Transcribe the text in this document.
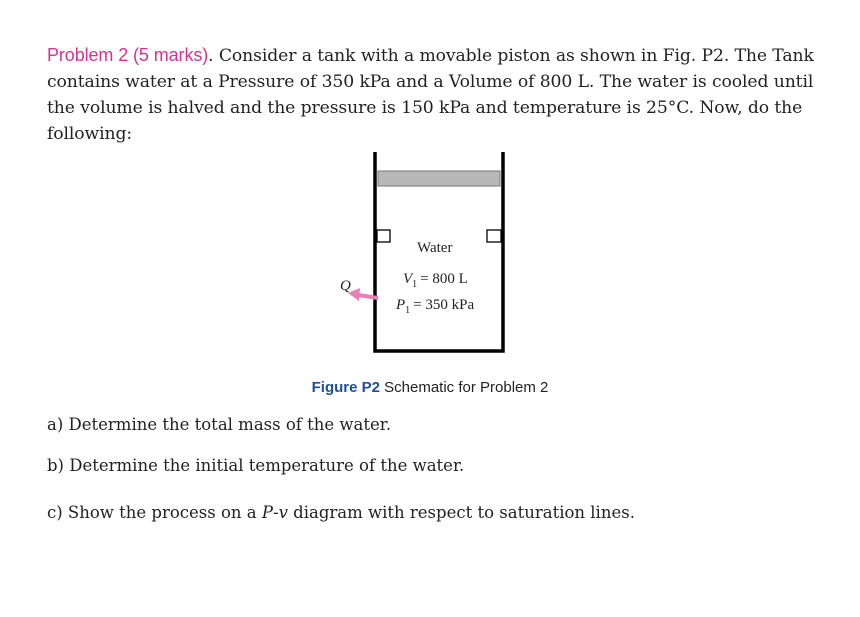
Problem 2 (5 marks). Consider a tank with a movable piston as shown in Fig. P2. The Tank contains water at a Pressure of 350 kPa and a Volume of 800 L. The water is cooled until the volume is halved and the pressure is 150 kPa and temperature is 25°C. Now, do the following:
Water
$V_1 = 800$ L
$P_1 = 350$ kPa
Q
Figure P2 Schematic for Problem 2
a) Determine the total mass of the water.
b) Determine the initial temperature of the water.
c) Show the process on a P-v diagram with respect to saturation lines.
